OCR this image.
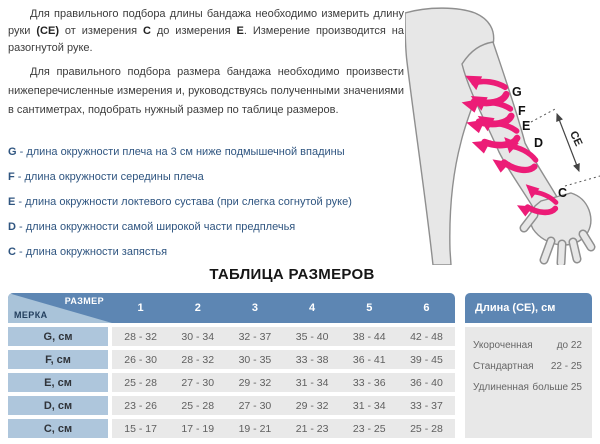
Для правильного подбора длины бандажа необходимо измерить длину руки (СЕ) от измерения С до измерения Е. Измерение производится на разогнутой руке.

Для правильного подбора размера бандажа необходимо произвести нижеперечисленные измерения и, руководствуясь полученными значениями в сантиметрах, подобрать нужный размер по таблице размеров.

G - длина окружности плеча на 3 см ниже подмышечной впадины
F - длина окружности середины плеча
E - длина окружности локтевого сустава (при слегка согнутой руке)
D - длина окружности самой широкой части предплечья
C - длина окружности запястья
G
F
E
D
C
CE
ТАБЛИЦА РАЗМЕРОВ
РАЗМЕР
МЕРКА
1	2	3	4	5	6
G, см	28 - 32	30 - 34	32 - 37	35 - 40	38 - 44	42 - 48
F, см	26 - 30	28 - 32	30 - 35	33 - 38	36 - 41	39 - 45
E, см	25 - 28	27 - 30	29 - 32	31 - 34	33 - 36	36 - 40
D, см	23 - 26	25 - 28	27 - 30	29 - 32	31 - 34	33 - 37
C, см	15 - 17	17 - 19	19 - 21	21 - 23	23 - 25	25 - 28
Длина (СЕ), см
Укороченная до 22
Стандартная 22 - 25
Удлиненная больше 25
